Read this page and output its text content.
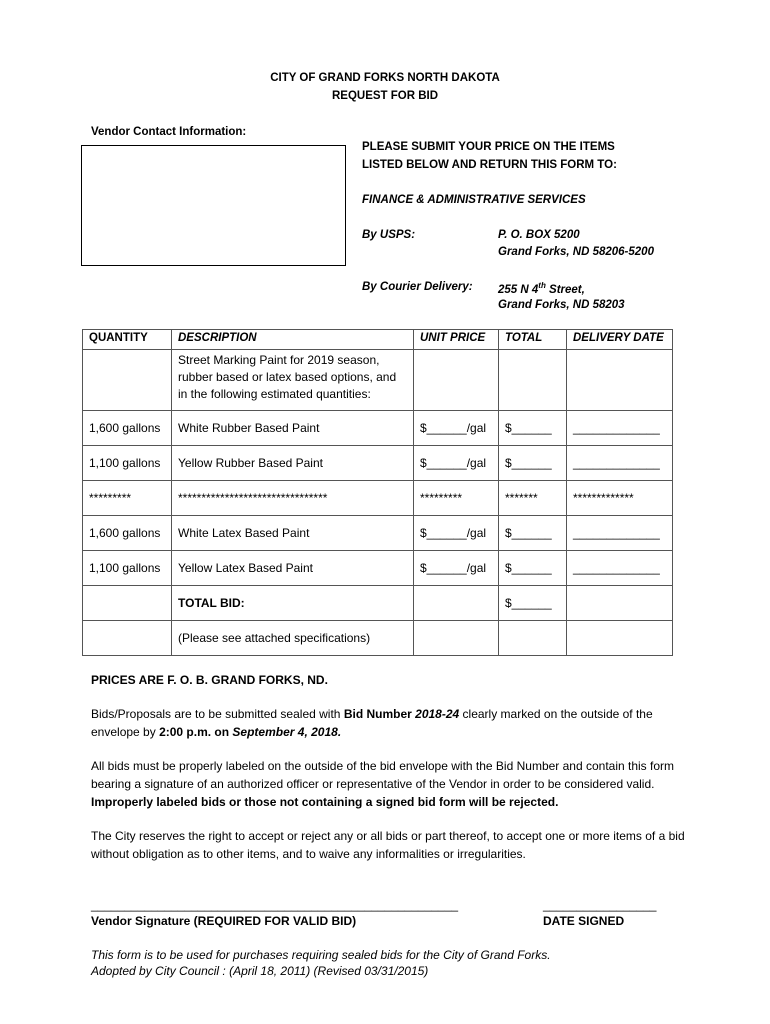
CITY OF GRAND FORKS NORTH DAKOTA
REQUEST FOR BID
Vendor Contact Information:
PLEASE SUBMIT YOUR PRICE ON THE ITEMS
LISTED BELOW AND RETURN THIS FORM TO:
FINANCE & ADMINISTRATIVE SERVICES
By USPS:	P. O. BOX 5200
Grand Forks, ND 58206-5200
By Courier Delivery: 255 N 4th Street,
Grand Forks, ND 58203
QUANTITY	DESCRIPTION	UNIT PRICE	TOTAL	DELIVERY DATE
	Street Marking Paint for 2019 season, rubber based or latex based options, and in the following estimated quantities:			
1,600 gallons	White Rubber Based Paint	$______/gal	$______	_____________
1,100 gallons	Yellow Rubber Based Paint	$______/gal	$______	_____________
*********	********************************	*********	*******	*************
1,600 gallons	White Latex Based Paint	$______/gal	$______	_____________
1,100 gallons	Yellow Latex Based Paint	$______/gal	$______	_____________
	TOTAL BID:		$______	
	(Please see attached specifications)			
PRICES ARE F. O. B. GRAND FORKS, ND.
Bids/Proposals are to be submitted sealed with Bid Number 2018-24 clearly marked on the outside of the envelope by 2:00 p.m. on September 4, 2018.
All bids must be properly labeled on the outside of the bid envelope with the Bid Number and contain this form bearing a signature of an authorized officer or representative of the Vendor in order to be considered valid. Improperly labeled bids or those not containing a signed bid form will be rejected.
The City reserves the right to accept or reject any or all bids or part thereof, to accept one or more items of a bid without obligation as to other items, and to waive any informalities or irregularities.
_______________________________________________________	_________________
Vendor Signature (REQUIRED FOR VALID BID)	DATE SIGNED
This form is to be used for purchases requiring sealed bids for the City of Grand Forks.
Adopted by City Council : (April 18, 2011) (Revised 03/31/2015)
